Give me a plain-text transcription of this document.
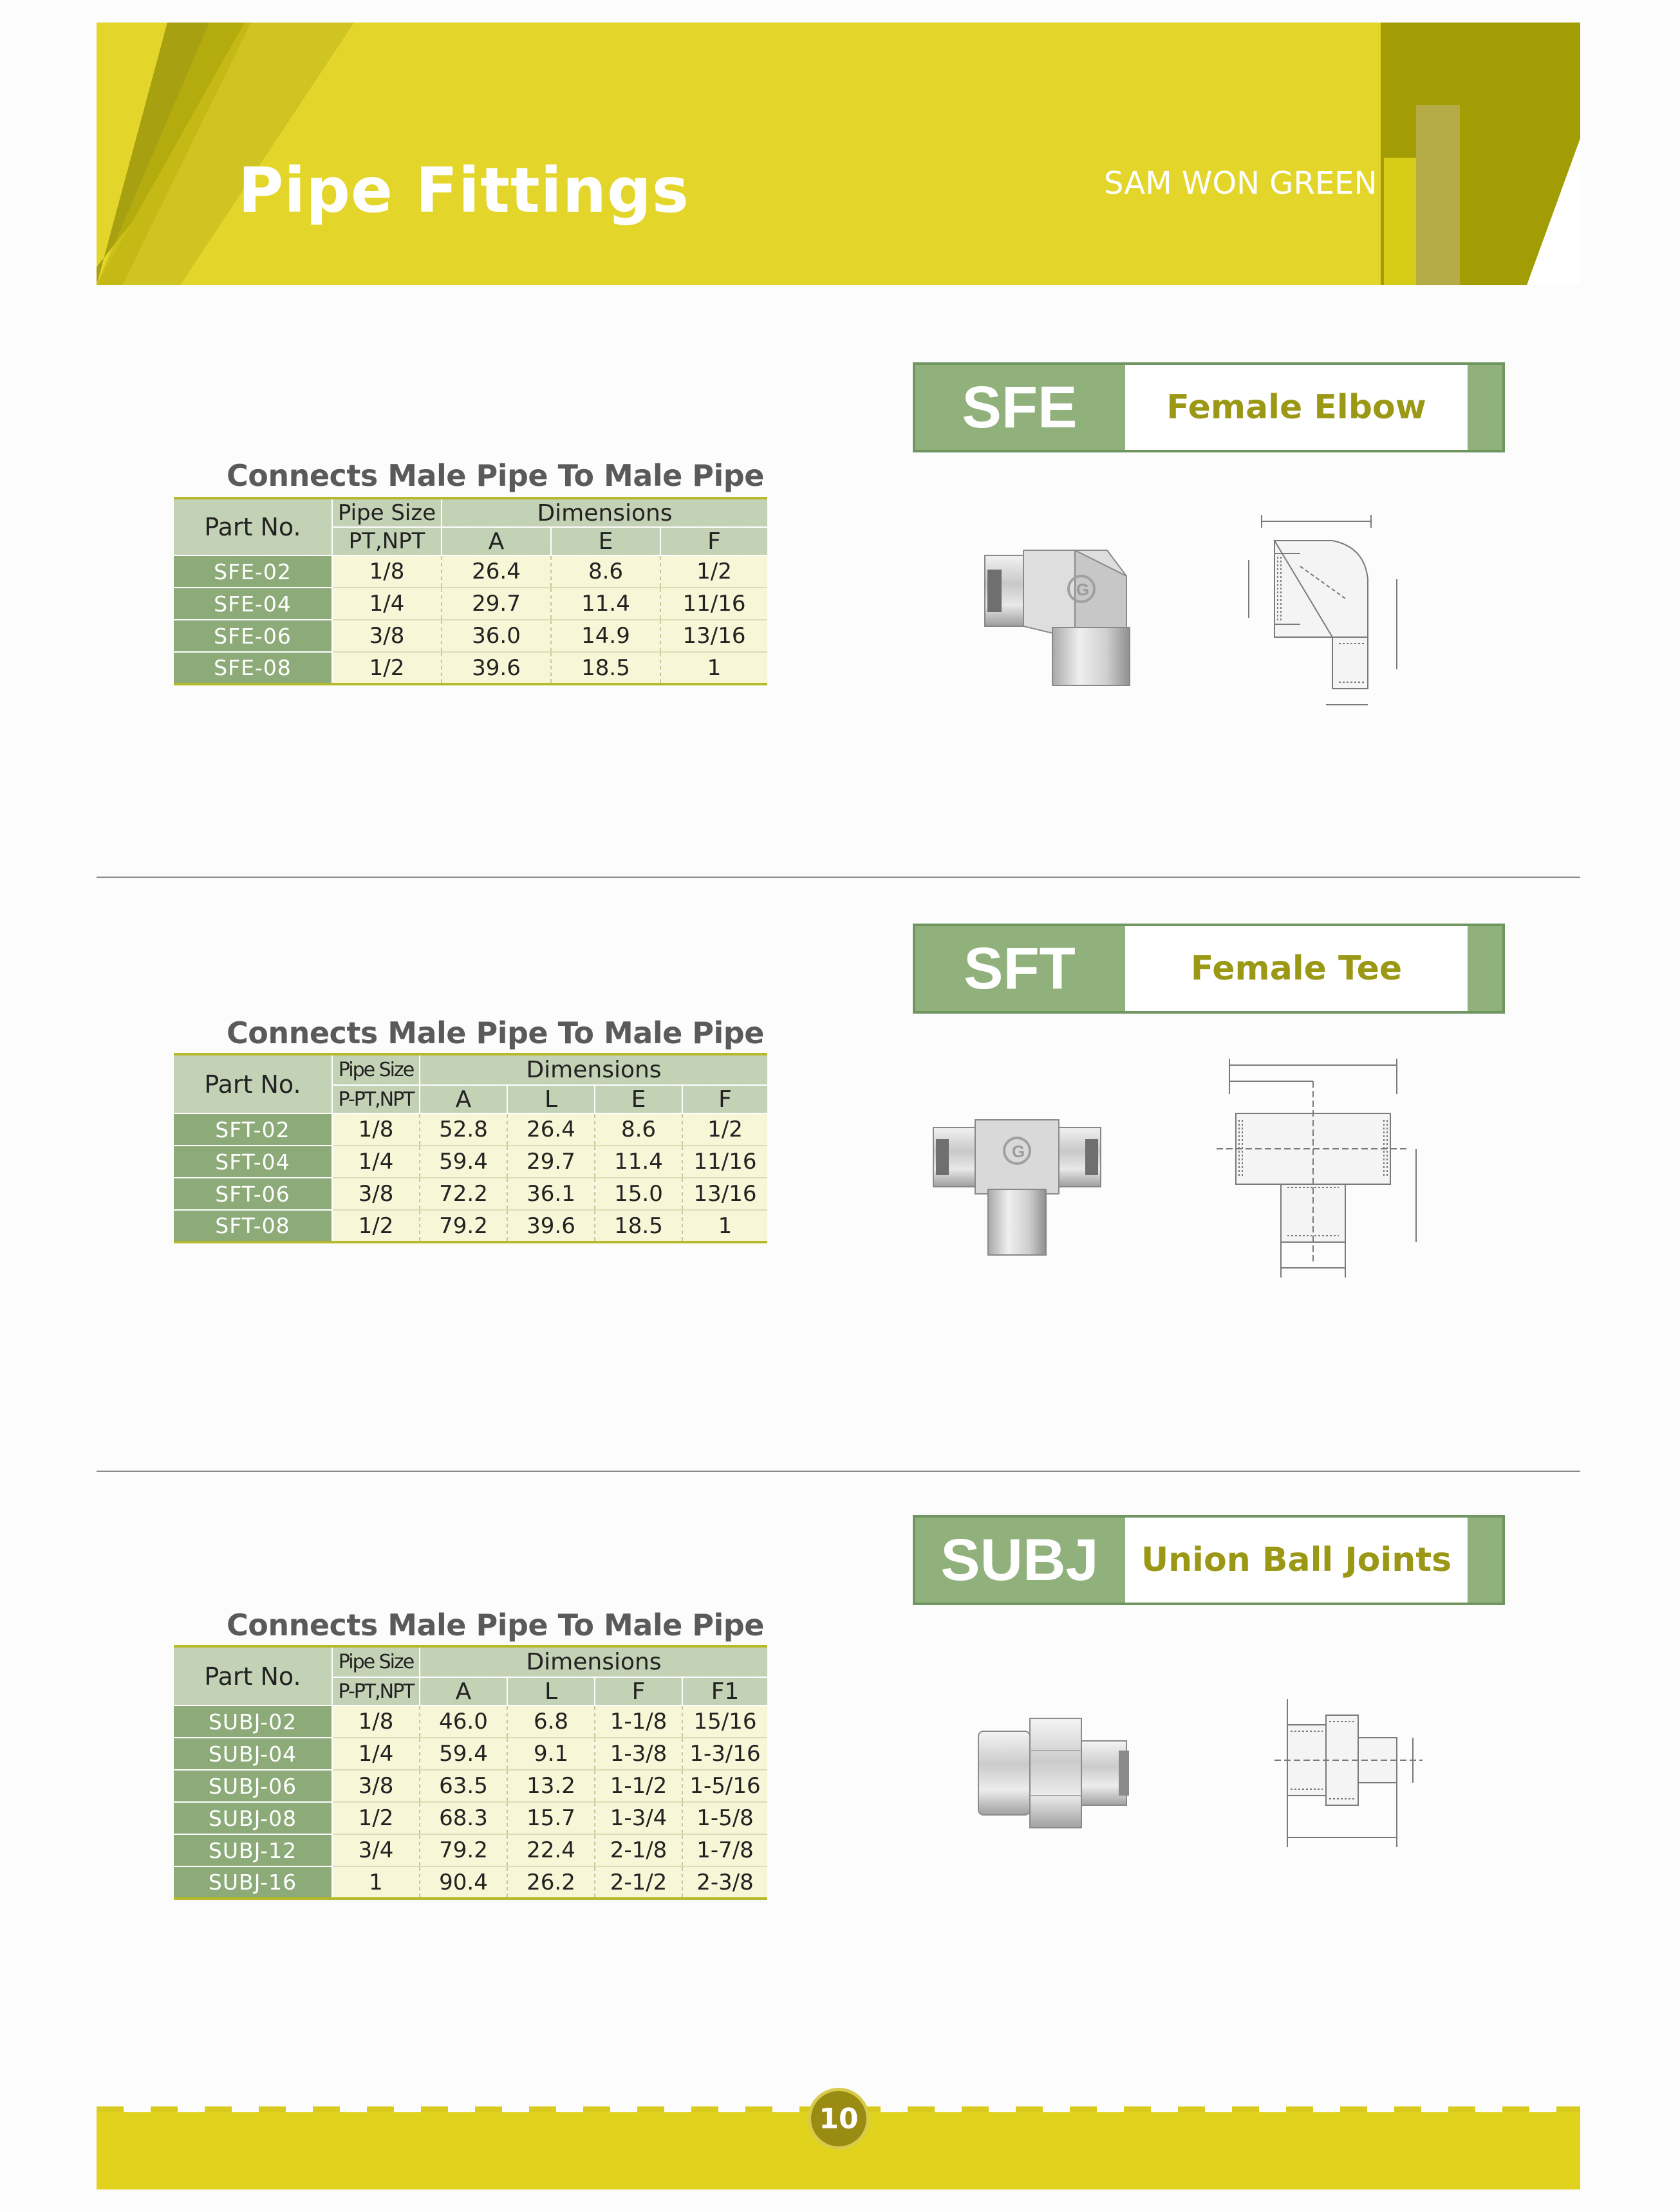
Pipe Fittings	SAM WON GREEN
SFE	Female Elbow
Connects Male Pipe To Male Pipe
Part No.	Pipe Size	Dimensions		
	PT,NPT	A	E	F
SFE-02	1/8	26.4	8.6	1/2
SFE-04	1/4	29.7	11.4	11/16
SFE-06	3/8	36.0	14.9	13/16
SFE-08	1/2	39.6	18.5	1
G
SFT	Female Tee
Connects Male Pipe To Male Pipe
Part No.	Pipe Size	Dimensions			
	P-PT,NPT	A	L	E	F
SFT-02	1/8	52.8	26.4	8.6	1/2
SFT-04	1/4	59.4	29.7	11.4	11/16
SFT-06	3/8	72.2	36.1	15.0	13/16
SFT-08	1/2	79.2	39.6	18.5	1
G
SUBJ	Union Ball Joints
Connects Male Pipe To Male Pipe
Part No.	Pipe Size	Dimensions			
	P-PT,NPT	A	L	F	F1
SUBJ-02	1/8	46.0	6.8	1-1/8	15/16
SUBJ-04	1/4	59.4	9.1	1-3/8	1-3/16
SUBJ-06	3/8	63.5	13.2	1-1/2	1-5/16
SUBJ-08	1/2	68.3	15.7	1-3/4	1-5/8
SUBJ-12	3/4	79.2	22.4	2-1/8	1-7/8
SUBJ-16	1	90.4	26.2	2-1/2	2-3/8
10
